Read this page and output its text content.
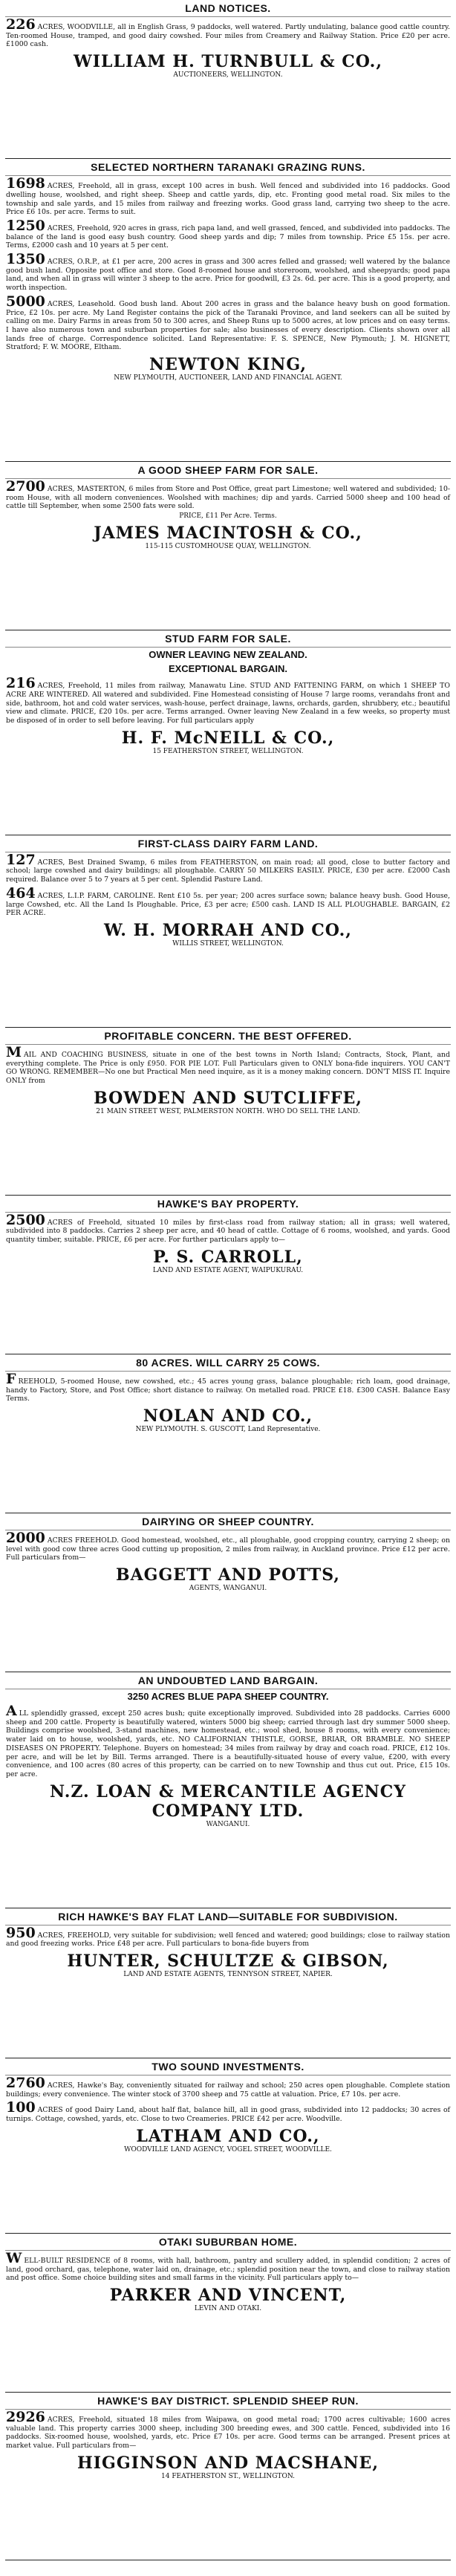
LAND NOTICES.
226 ACRES, WOODVILLE, all in English Grass, 9 paddocks, well watered. Partly undulating, balance good cattle country. Ten-roomed House, tramped, and good dairy cowshed. Four miles from Creamery and Railway Station. Price £20 per acre. £1000 cash.
WILLIAM H. TURNBULL & CO.,
AUCTIONEERS, WELLINGTON.
SELECTED NORTHERN TARANAKI GRAZING RUNS.
1698 ACRES, Freehold, all in grass, except 100 acres in bush. Well fenced and subdivided into 16 paddocks. Good dwelling house, woolshed, and right sheep. Sheep and cattle yards, dip, etc. Fronting good metal road. Six miles to the township and sale yards, and 15 miles from railway and freezing works. Good grass land, carrying two sheep to the acre. Price £6 10s. per acre. Terms to suit.
1250 ACRES, Freehold, 920 acres in grass, rich papa land, and well grassed, fenced, and subdivided into paddocks. The balance of the land is good easy bush country. Good sheep yards and dip; 7 miles from township. Price £5 15s. per acre. Terms, £2000 cash and 10 years at 5 per cent.
1350 ACRES, O.R.P., at £1 per acre, 200 acres in grass and 300 acres felled and grassed; well watered by the balance good bush land. Opposite post office and store. Good 8-roomed house and storeroom, woolshed, and sheepyards; good papa land, and when all in grass will winter 3 sheep to the acre. Price for goodwill, £3 2s. 6d. per acre. This is a good property, and worth inspection.
5000 ACRES, Leasehold. Good bush land. About 200 acres in grass and the balance heavy bush on good formation. Price, £2 10s. per acre. My Land Register contains the pick of the Taranaki Province, and land seekers can all be suited by calling on me. Dairy Farms in areas from 50 to 300 acres, and Sheep Runs up to 5000 acres, at low prices and on easy terms. I have also numerous town and suburban properties for sale; also businesses of every description. Clients shown over all lands free of charge. Correspondence solicited. Land Representative: F. S. SPENCE, New Plymouth; J. M. HIGNETT, Stratford; F. W. MOORE, Eltham.
NEWTON KING,
NEW PLYMOUTH, AUCTIONEER, LAND AND FINANCIAL AGENT.
A GOOD SHEEP FARM FOR SALE.
2700 ACRES, MASTERTON, 6 miles from Store and Post Office, great part Limestone; well watered and subdivided; 10-room House, with all modern conveniences. Woolshed with machines; dip and yards. Carried 5000 sheep and 100 head of cattle till September, when some 2500 fats were sold.
PRICE, £11 Per Acre. Terms.
JAMES MACINTOSH & CO.,
115-115 CUSTOMHOUSE QUAY, WELLINGTON.
STUD FARM FOR SALE.
OWNER LEAVING NEW ZEALAND.
EXCEPTIONAL BARGAIN.
216 ACRES, Freehold, 11 miles from railway, Manawatu Line. STUD AND FATTENING FARM, on which 1 SHEEP TO ACRE ARE WINTERED. All watered and subdivided. Fine Homestead consisting of House 7 large rooms, verandahs front and side, bathroom, hot and cold water services, wash-house, perfect drainage, lawns, orchards, garden, shrubbery, etc.; beautiful view and climate. PRICE, £20 10s. per acre. Terms arranged. Owner leaving New Zealand in a few weeks, so property must be disposed of in order to sell before leaving. For full particulars apply
H. F. McNEILL & CO.,
15 FEATHERSTON STREET, WELLINGTON.
FIRST-CLASS DAIRY FARM LAND.
127 ACRES, Best Drained Swamp, 6 miles from FEATHERSTON, on main road; all good, close to butter factory and school; large cowshed and dairy buildings; all ploughable. CARRY 50 MILKERS EASILY. PRICE, £30 per acre. £2000 Cash required. Balance over 5 to 7 years at 5 per cent. Splendid Pasture Land.
464 ACRES, L.I.P. FARM, CAROLINE. Rent £10 5s. per year; 200 acres surface sown; balance heavy bush. Good House, large Cowshed, etc. All the Land Is Ploughable. Price, £3 per acre; £500 cash. LAND IS ALL PLOUGHABLE. BARGAIN, £2 PER ACRE.
W. H. MORRAH AND CO.,
WILLIS STREET, WELLINGTON.
PROFITABLE CONCERN. THE BEST OFFERED.
MAIL AND COACHING BUSINESS, situate in one of the best towns in North Island; Contracts, Stock, Plant, and everything complete. The Price is only £950. FOR PIE LOT. Full Particulars given to ONLY bona-fide inquirers. YOU CAN'T GO WRONG. REMEMBER—No one but Practical Men need inquire, as it is a money making concern. DON'T MISS IT. Inquire ONLY from
BOWDEN AND SUTCLIFFE,
21 MAIN STREET WEST, PALMERSTON NORTH. WHO DO SELL THE LAND.
HAWKE'S BAY PROPERTY.
2500 ACRES of Freehold, situated 10 miles by first-class road from railway station; all in grass; well watered, subdivided into 8 paddocks. Carries 2 sheep per acre, and 40 head of cattle. Cottage of 6 rooms, woolshed, and yards. Good quantity timber, suitable. PRICE, £6 per acre. For further particulars apply to—
P. S. CARROLL,
LAND AND ESTATE AGENT, WAIPUKURAU.
80 ACRES. WILL CARRY 25 COWS.
FREEHOLD, 5-roomed House, new cowshed, etc.; 45 acres young grass, balance ploughable; rich loam, good drainage, handy to Factory, Store, and Post Office; short distance to railway. On metalled road. PRICE £18. £300 CASH. Balance Easy Terms.
NOLAN AND CO.,
NEW PLYMOUTH. S. GUSCOTT, Land Representative.
DAIRYING OR SHEEP COUNTRY.
2000 ACRES FREEHOLD. Good homestead, woolshed, etc., all ploughable, good cropping country, carrying 2 sheep; on level with good cow three acres Good cutting up proposition, 2 miles from railway, in Auckland province. Price £12 per acre. Full particulars from—
BAGGETT AND POTTS,
AGENTS, WANGANUI.
AN UNDOUBTED LAND BARGAIN.
3250 ACRES BLUE PAPA SHEEP COUNTRY.
ALL splendidly grassed, except 250 acres bush; quite exceptionally improved. Subdivided into 28 paddocks. Carries 6000 sheep and 200 cattle. Property is beautifully watered, winters 5000 big sheep; carried through last dry summer 5000 sheep. Buildings comprise woolshed, 3-stand machines, new homestead, etc.; wool shed, house 8 rooms, with every convenience; water laid on to house, woolshed, yards, etc. NO CALIFORNIAN THISTLE, GORSE, BRIAR, OR BRAMBLE. NO SHEEP DISEASES ON PROPERTY. Telephone. Buyers on homestead; 34 miles from railway by dray and coach road. PRICE, £12 10s. per acre, and will be let by Bill. Terms arranged. There is a beautifully-situated house of every value, £200, with every convenience, and 100 acres (80 acres of this property, can be carried on to new Township and thus cut out. Price, £15 10s. per acre.
N.Z. LOAN & MERCANTILE AGENCY COMPANY LTD.
WANGANUI.
RICH HAWKE'S BAY FLAT LAND—SUITABLE FOR SUBDIVISION.
950 ACRES, FREEHOLD, very suitable for subdivision; well fenced and watered; good buildings; close to railway station and good freezing works. Price £48 per acre. Full particulars to bona-fide buyers from
HUNTER, SCHULTZE & GIBSON,
LAND AND ESTATE AGENTS, TENNYSON STREET, NAPIER.
TWO SOUND INVESTMENTS.
2760 ACRES, Hawke's Bay, conveniently situated for railway and school; 250 acres open ploughable. Complete station buildings; every convenience. The winter stock of 3700 sheep and 75 cattle at valuation. Price, £7 10s. per acre.
100 ACRES of good Dairy Land, about half flat, balance hill, all in good grass, subdivided into 12 paddocks; 30 acres of turnips. Cottage, cowshed, yards, etc. Close to two Creameries. PRICE £42 per acre. Woodville.
LATHAM AND CO.,
WOODVILLE LAND AGENCY, VOGEL STREET, WOODVILLE.
OTAKI SUBURBAN HOME.
WELL-BUILT RESIDENCE of 8 rooms, with hall, bathroom, pantry and scullery added, in splendid condition; 2 acres of land, good orchard, gas, telephone, water laid on, drainage, etc.; splendid position near the town, and close to railway station and post office. Some choice building sites and small farms in the vicinity. Full particulars apply to—
PARKER AND VINCENT,
LEVIN AND OTAKI.
HAWKE'S BAY DISTRICT. SPLENDID SHEEP RUN.
2926 ACRES, Freehold, situated 18 miles from Waipawa, on good metal road; 1700 acres cultivable; 1600 acres valuable land. This property carries 3000 sheep, including 300 breeding ewes, and 300 cattle. Fenced, subdivided into 16 paddocks. Six-roomed house, woolshed, yards, etc. Price £7 10s. per acre. Good terms can be arranged. Present prices at market value. Full particulars from—
HIGGINSON AND MACSHANE,
14 FEATHERSTON ST., WELLINGTON.
